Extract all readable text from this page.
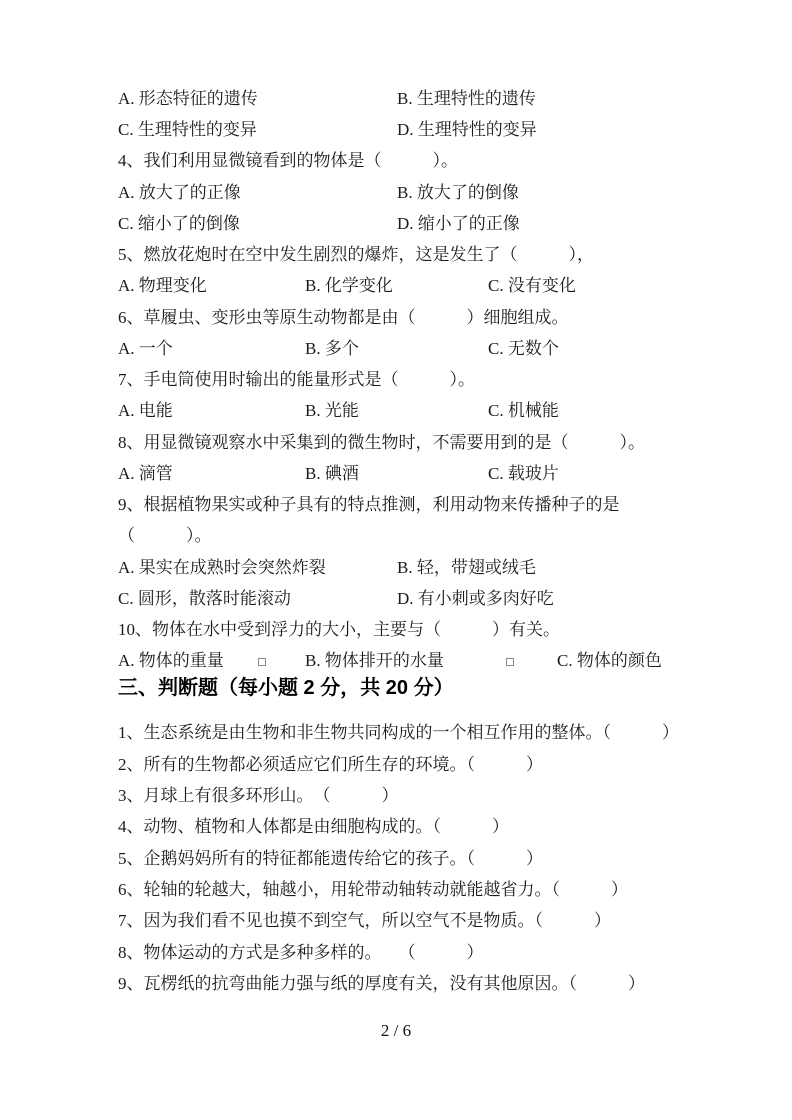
A. 形态特征的遗传

	B. 生理特性的遗传

C. 生理特性的变异

	D. 生理特性的变异

4、我们利用显微镜看到的物体是（　　　）。

A. 放大了的正像

	B. 放大了的倒像

C. 缩小了的倒像

	D. 缩小了的正像

5、燃放花炮时在空中发生剧烈的爆炸，这是发生了（　　　），

A. 物理变化

	B. 化学变化

	C. 没有变化

6、草履虫、变形虫等原生动物都是由（　　　）细胞组成。

A. 一个

	B. 多个

	C. 无数个

7、手电筒使用时输出的能量形式是（　　　）。

A. 电能

	B. 光能

	C. 机械能

8、用显微镜观察水中采集到的微生物时，不需要用到的是（　　　）。

A. 滴管

	B. 碘酒

	C. 载玻片

9、根据植物果实或种子具有的特点推测，利用动物来传播种子的是

（　　　）。

A. 果实在成熟时会突然炸裂

	B. 轻，带翅或绒毛

C. 圆形，散落时能滚动

	D. 有小刺或多肉好吃

10、物体在水中受到浮力的大小，主要与（　　　）有关。

A. 物体的重量

	B. 物体排开的水量

	C. 物体的颜色

三、判断题（每小题 2 分，共 20 分）

1、生态系统是由生物和非生物共同构成的一个相互作用的整体。（　　　）

2、所有的生物都必须适应它们所生存的环境。（　　　）

3、月球上有很多环形山。　（　　　）

4、动物、植物和人体都是由细胞构成的。（　　　）

5、企鹅妈妈所有的特征都能遗传给它的孩子。（　　　）

6、轮轴的轮越大，轴越小，用轮带动轴转动就能越省力。（　　　）

7、因为我们看不见也摸不到空气，所以空气不是物质。（　　　）

8、物体运动的方式是多种多样的。　　（　　　）

9、瓦楞纸的抗弯曲能力强与纸的厚度有关，没有其他原因。（　　　）

2 / 6
